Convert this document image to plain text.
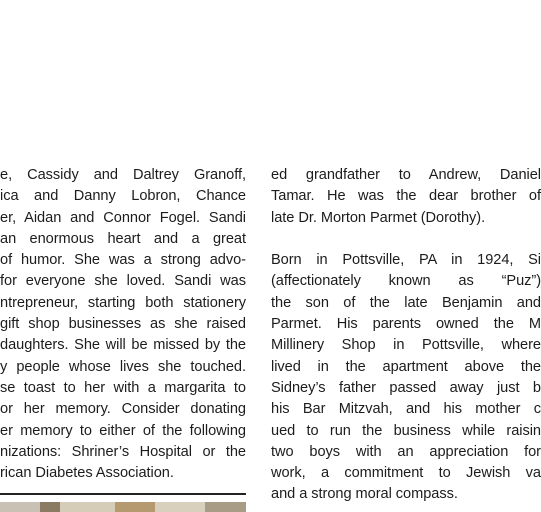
e, Cassidy and Daltrey Granoff,
ica and Danny Lobron, Chance
er, Aidan and Connor Fogel. Sandi
an enormous heart and a great
of humor. She was a strong advo-
for everyone she loved. Sandi was
ntrepreneur, starting both stationery
gift shop businesses as she raised
daughters. She will be missed by the
y people whose lives she touched.
se toast to her with a margarita to
or her memory. Consider donating
er memory to either of the following
nizations: Shriner’s Hospital or the
rican Diabetes Association.
ed grandfather to Andrew, Daniel
Tamar. He was the dear brother of
late Dr. Morton Parmet (Dorothy).
Born in Pottsville, PA in 1924, Si
(affectionately known as “Puz”)
the son of the late Benjamin and
Parmet. His parents owned the M
Millinery Shop in Pottsville, where
lived in the apartment above the
Sidney’s father passed away just b
his Bar Mitzvah, and his mother c
ued to run the business while raisin
two boys with an appreciation for
work, a commitment to Jewish va
and a strong moral compass.
